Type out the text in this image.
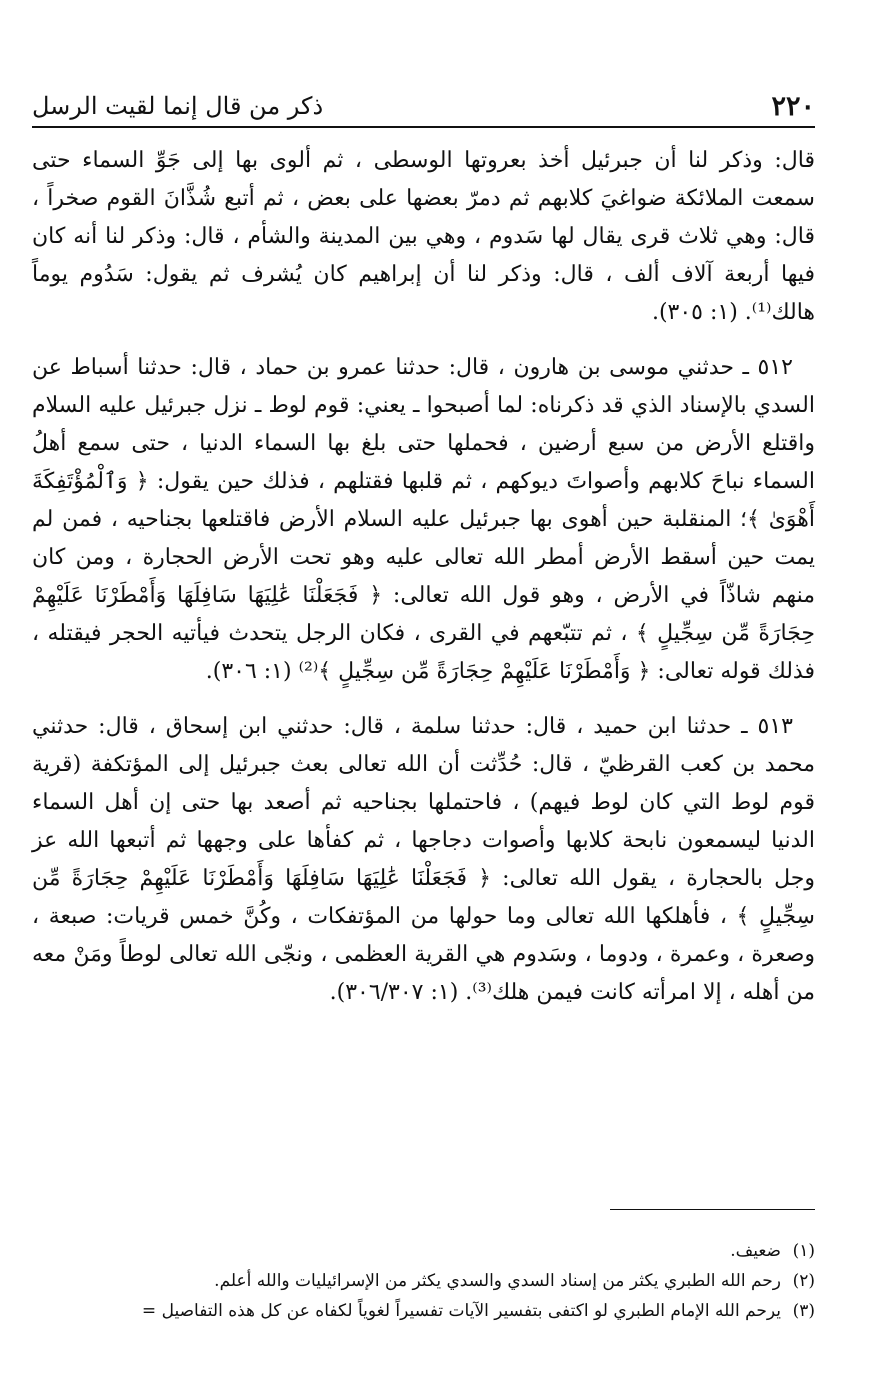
٢٢٠
ذكر من قال إنما لقيت الرسل

قال: وذكر لنا أن جبرئيل أخذ بعروتها الوسطى ، ثم ألوى بها إلى جَوِّ السماء حتى سمعت الملائكة ضواغيَ كلابهم ثم دمرّ بعضها على بعض ، ثم أتبع شُذَّانَ القوم صخراً ، قال: وهي ثلاث قرى يقال لها سَدوم ، وهي بين المدينة والشأم ، قال: وذكر لنا أنه كان فيها أربعة آلاف ألف ، قال: وذكر لنا أن إبراهيم كان يُشرف ثم يقول: سَدُوم يوماً هالك⁽¹⁾. (١: ٣٠٥).

٥١٢ ـ حدثني موسى بن هارون ، قال: حدثنا عمرو بن حماد ، قال: حدثنا أسباط عن السدي بالإسناد الذي قد ذكرناه: لما أصبحوا ـ يعني: قوم لوط ـ نزل جبرئيل عليه السلام واقتلع الأرض من سبع أرضين ، فحملها حتى بلغ بها السماء الدنيا ، حتى سمع أهلُ السماء نباحَ كلابهم وأصواتَ ديوكهم ، ثم قلبها فقتلهم ، فذلك حين يقول: ﴿ وَٱلْمُؤْتَفِكَةَ أَهْوَىٰ ﴾؛ المنقلبة حين أهوى بها جبرئيل عليه السلام الأرض فاقتلعها بجناحيه ، فمن لم يمت حين أسقط الأرض أمطر الله تعالى عليه وهو تحت الأرض الحجارة ، ومن كان منهم شاذّاً في الأرض ، وهو قول الله تعالى: ﴿ فَجَعَلْنَا عَٰلِيَهَا سَافِلَهَا وَأَمْطَرْنَا عَلَيْهِمْ حِجَارَةً مِّن سِجِّيلٍ ﴾ ، ثم تتبّعهم في القرى ، فكان الرجل يتحدث فيأتيه الحجر فيقتله ، فذلك قوله تعالى: ﴿ وَأَمْطَرْنَا عَلَيْهِمْ حِجَارَةً مِّن سِجِّيلٍ ﴾⁽²⁾ (١: ٣٠٦).

٥١٣ ـ حدثنا ابن حميد ، قال: حدثنا سلمة ، قال: حدثني ابن إسحاق ، قال: حدثني محمد بن كعب القرظيّ ، قال: حُدِّثت أن الله تعالى بعث جبرئيل إلى المؤتكفة (قرية قوم لوط التي كان لوط فيهم) ، فاحتملها بجناحيه ثم أصعد بها حتى إن أهل السماء الدنيا ليسمعون نابحة كلابها وأصوات دجاجها ، ثم كفأها على وجهها ثم أتبعها الله عز وجل بالحجارة ، يقول الله تعالى: ﴿ فَجَعَلْنَا عَٰلِيَهَا سَافِلَهَا وَأَمْطَرْنَا عَلَيْهِمْ حِجَارَةً مِّن سِجِّيلٍ ﴾ ، فأهلكها الله تعالى وما حولها من المؤتفكات ، وكُنَّ خمس قريات: صبعة ، وصعرة ، وعمرة ، ودوما ، وسَدوم هي القرية العظمى ، ونجّى الله تعالى لوطاً ومَنْ معه من أهله ، إلا امرأته كانت فيمن هلك⁽³⁾. (١: ٣٠٦/٣٠٧).

(١)
ضعيف.
(٢)
رحم الله الطبري يكثر من إسناد السدي والسدي يكثر من الإسرائيليات والله أعلم.
(٣)
يرحم الله الإمام الطبري لو اكتفى بتفسير الآيات تفسيراً لغوياً لكفاه عن كل هذه التفاصيل =
